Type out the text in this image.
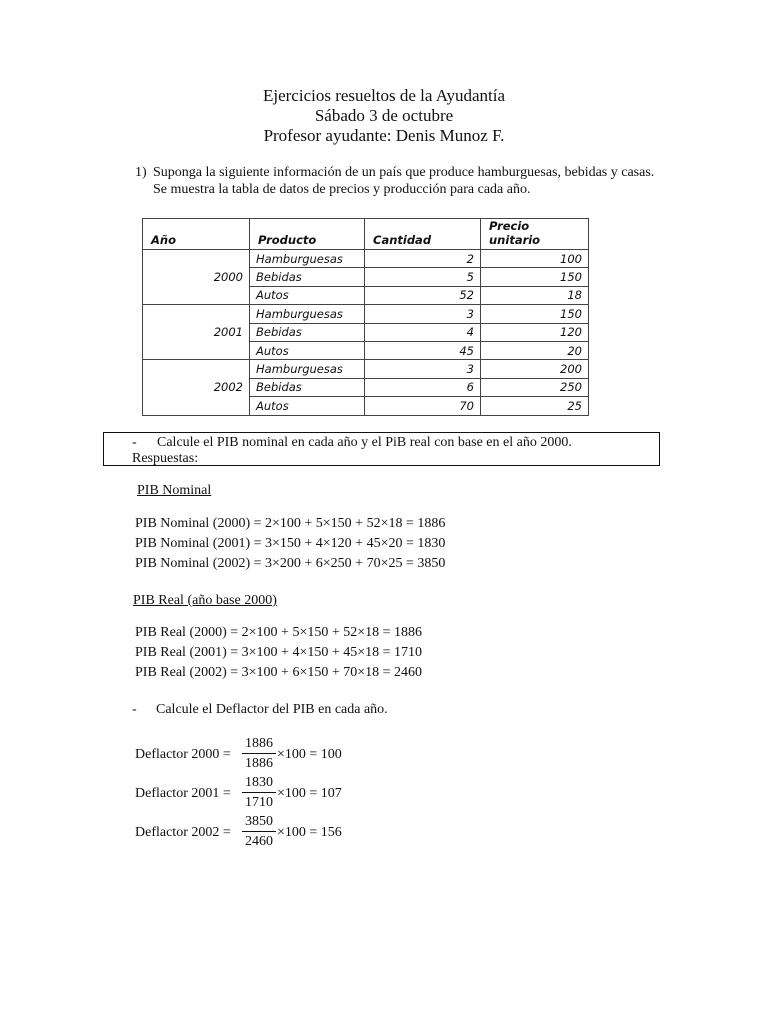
Ejercicios resueltos de la Ayudantía
Sábado 3 de octubre
Profesor ayudante: Denis Munoz F.
1) Suponga la siguiente información de un país que produce hamburguesas, bebidas y casas. Se muestra la tabla de datos de precios y producción para cada año.
Año	Producto	Cantidad	Precio unitario
2000	Hamburguesas	2	100
	Bebidas	5	150
	Autos	52	18
2001	Hamburguesas	3	150
	Bebidas	4	120
	Autos	45	20
2002	Hamburguesas	3	200
	Bebidas	6	250
	Autos	70	25
- Calcule el PIB nominal en cada año y el PiB real con base en el año 2000.
Respuestas:
PIB Nominal
PIB Nominal (2000) = 2×100 + 5×150 + 52×18 = 1886
PIB Nominal (2001) = 3×150 + 4×120 + 45×20 = 1830
PIB Nominal (2002) = 3×200 + 6×250 + 70×25 = 3850
PIB Real (año base 2000)
PIB Real (2000) = 2×100 + 5×150 + 52×18 = 1886
PIB Real (2001) = 3×100 + 4×150 + 45×18 = 1710
PIB Real (2002) = 3×100 + 6×150 + 70×18 = 2460
- Calcule el Deflactor del PIB en cada año.
Deflactor 2000 =
1886
1886
×100 = 100
Deflactor 2001 =
1830
1710
×100 = 107
Deflactor 2002 =
3850
2460
×100 = 156
